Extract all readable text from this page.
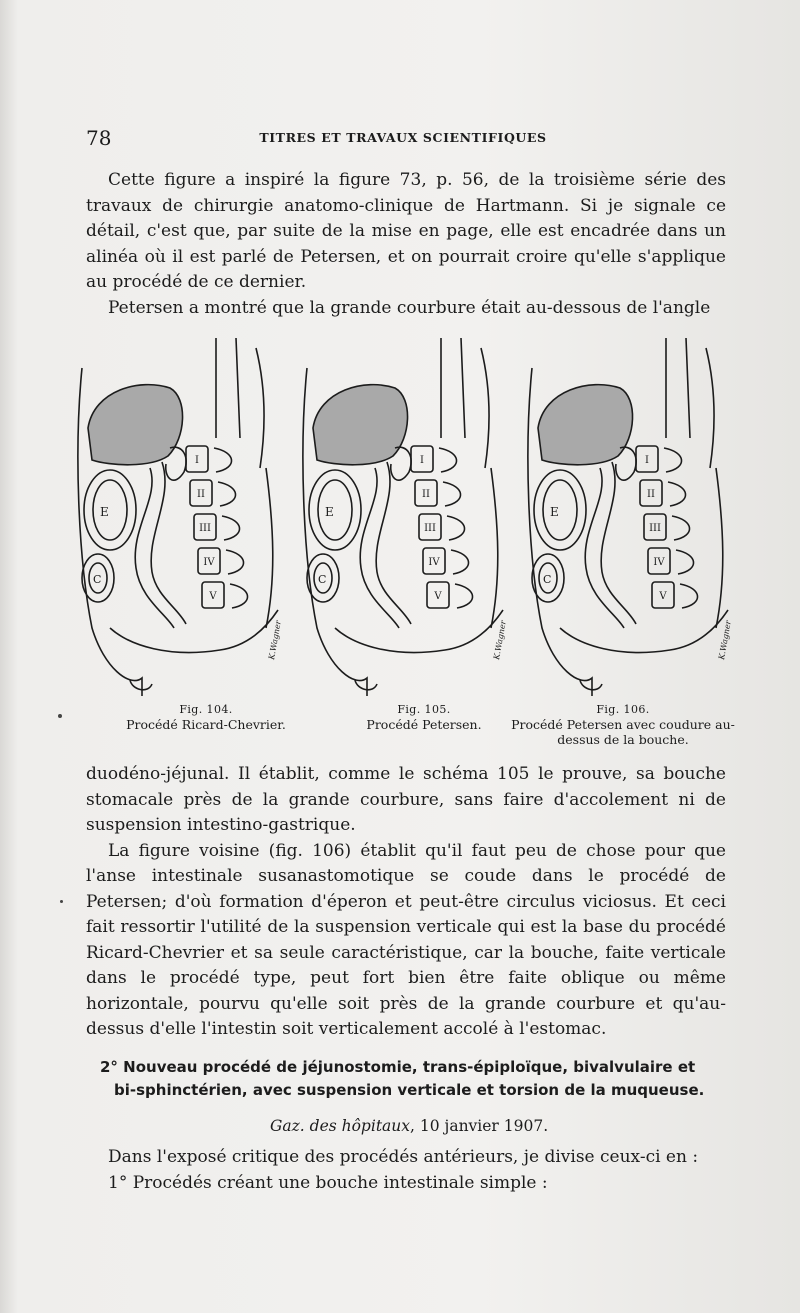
78	TITRES ET TRAVAUX SCIENTIFIQUES

Cette figure a inspiré la figure 73, p. 56, de la troisième série des travaux de chirurgie anatomo-clinique de Hartmann. Si je signale ce détail, c'est que, par suite de la mise en page, elle est encadrée dans un alinéa où il est parlé de Petersen, et on pourrait croire qu'elle s'applique au procédé de ce dernier.

Petersen a montré que la grande courbure était au-dessous de l'angle

I
II
III
IV
V
E
C
K.Wagner
I
II
III
IV
V
E
C
K.Wagner
I
II
III
IV
V
E
C
K.Wagner
Fig. 104.
Procédé Ricard-Chevrier.
Fig. 105.
Procédé Petersen.
Fig. 106.
Procédé Petersen avec coudure au-dessus de la bouche.

duodéno-jéjunal. Il établit, comme le schéma 105 le prouve, sa bouche stomacale près de la grande courbure, sans faire d'accolement ni de suspension intestino-gastrique.

La figure voisine (fig. 106) établit qu'il faut peu de chose pour que l'anse intestinale susanastomotique se coude dans le procédé de Petersen; d'où formation d'éperon et peut-être circulus viciosus. Et ceci fait ressortir l'utilité de la suspension verticale qui est la base du procédé Ricard-Chevrier et sa seule caractéristique, car la bouche, faite verticale dans le procédé type, peut fort bien être faite oblique ou même horizontale, pourvu qu'elle soit près de la grande courbure et qu'au-dessus d'elle l'intestin soit verticalement accolé à l'estomac.

2° Nouveau procédé de jéjunostomie, trans-épiploïque, bivalvulaire et bi-sphinctérien, avec suspension verticale et torsion de la muqueuse.

Gaz. des hôpitaux, 10 janvier 1907.

Dans l'exposé critique des procédés antérieurs, je divise ceux-ci en :

1° Procédés créant une bouche intestinale simple :
